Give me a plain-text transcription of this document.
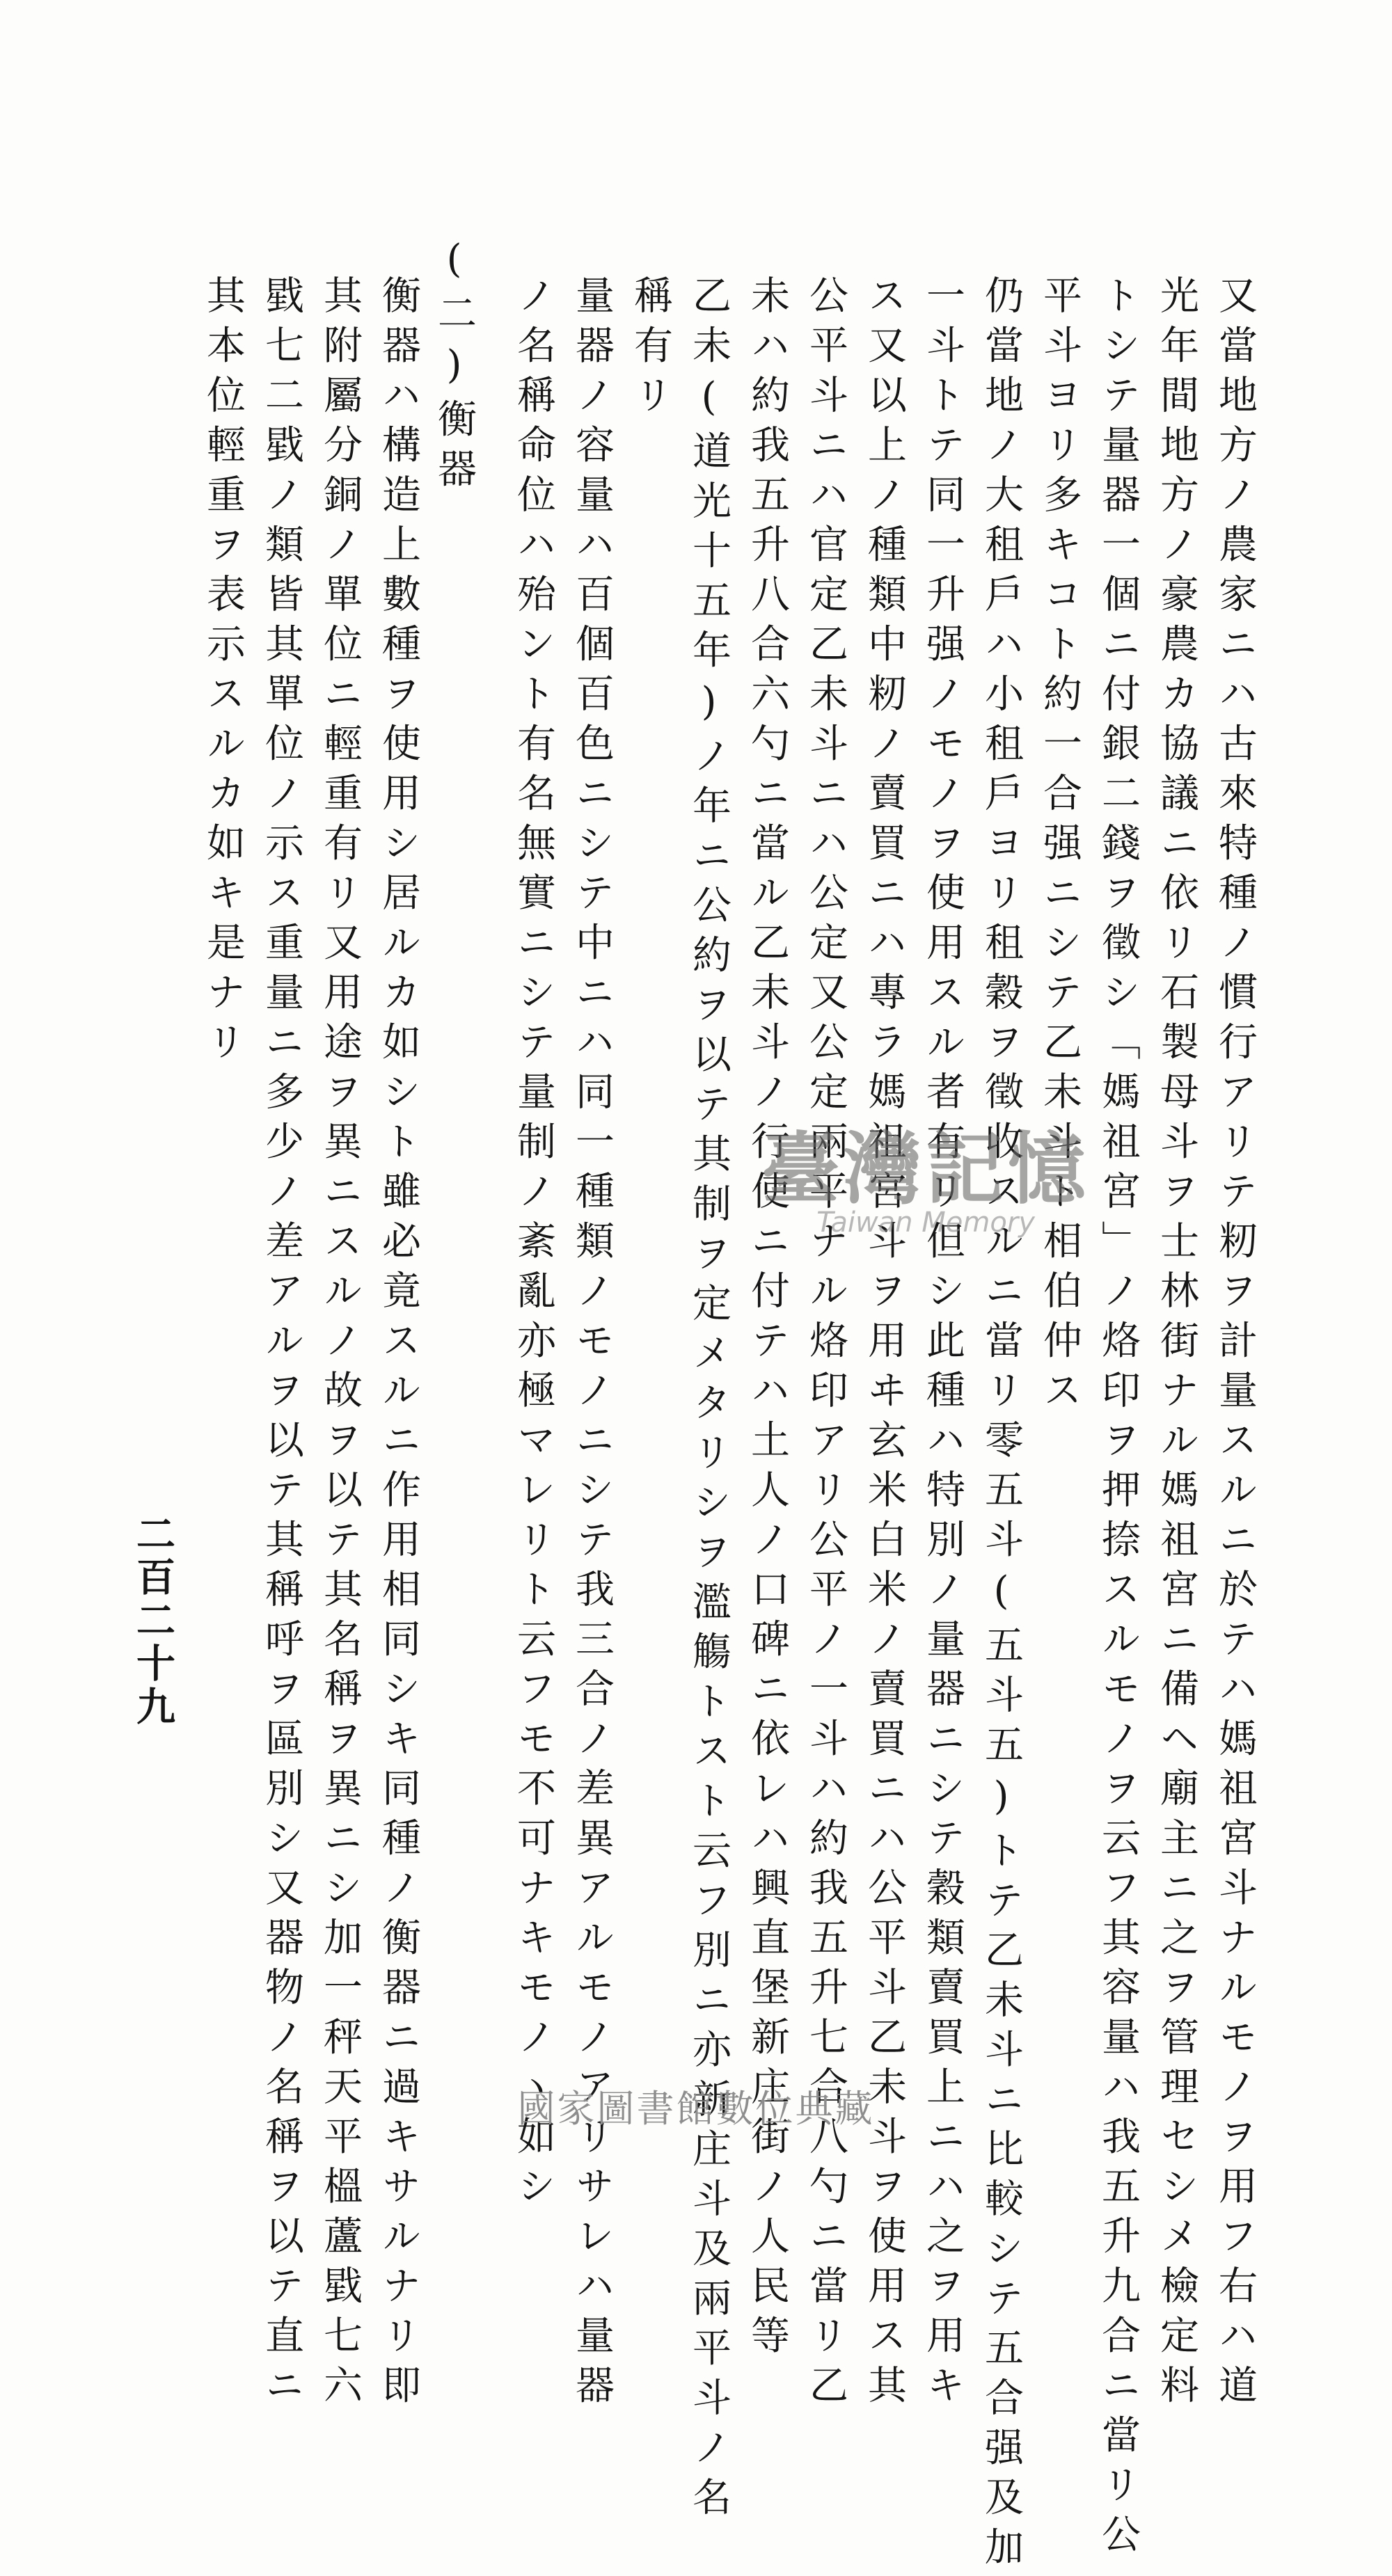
又當地方ノ農家ニハ古來特種ノ慣行アリテ籾ヲ計量スルニ於テハ媽祖宮斗ナルモノヲ用フ右ハ道
光年間地方ノ豪農カ協議ニ依リ石製母斗ヲ士林街ナル媽祖宮ニ備ヘ廟主ニ之ヲ管理セシメ檢定料
トシテ量器一個ニ付銀二錢ヲ徵シ「媽祖宮」ノ烙印ヲ押捺スルモノヲ云フ其容量ハ我五升九合ニ當リ公
平斗ヨリ多キコト約一合强ニシテ乙未斗ト相伯仲ス
仍當地ノ大租戶ハ小租戶ヨリ租穀ヲ徵收スルニ當リ零五斗(五斗五)トテ乙未斗ニ比較シテ五合强及加
一斗トテ同一升强ノモノヲ使用スル者有リ但シ此種ハ特別ノ量器ニシテ穀類賣買上ニハ之ヲ用キ
ス又以上ノ種類中籾ノ賣買ニハ專ラ媽祖宮斗ヲ用ヰ玄米白米ノ賣買ニハ公平斗乙未斗ヲ使用ス其
公平斗ニハ官定乙未斗ニハ公定又公定兩平ナル烙印アリ公平ノ一斗ハ約我五升七合八勺ニ當リ乙
未ハ約我五升八合六勺ニ當ル乙未斗ノ行使ニ付テハ土人ノ口碑ニ依レハ興直堡新庄街ノ人民等
乙未(道光十五年)ノ年ニ公約ヲ以テ其制ヲ定メタリシヲ濫觴トスト云フ別ニ亦新庄斗及兩平斗ノ名
稱有リ
量器ノ容量ハ百個百色ニシテ中ニハ同一種類ノモノニシテ我三合ノ差異アルモノアリサレハ量器
ノ名稱命位ハ殆ント有名無實ニシテ量制ノ紊亂亦極マレリト云フモ不可ナキモノヽ如シ
(二)衡器
衡器ハ構造上數種ヲ使用シ居ルカ如シト雖必竟スルニ作用相同シキ同種ノ衡器ニ過キサルナリ即
其附屬分銅ノ單位ニ輕重有リ又用途ヲ異ニスルノ故ヲ以テ其名稱ヲ異ニシ加一秤天平榲蘆戥七六
戥七二戥ノ類皆其單位ノ示ス重量ニ多少ノ差アルヲ以テ其稱呼ヲ區別シ又器物ノ名稱ヲ以テ直ニ
其本位輕重ヲ表示スルカ如キ是ナリ
二百二十九
臺灣記憶
Taiwan Memory
國家圖書館數位典藏
